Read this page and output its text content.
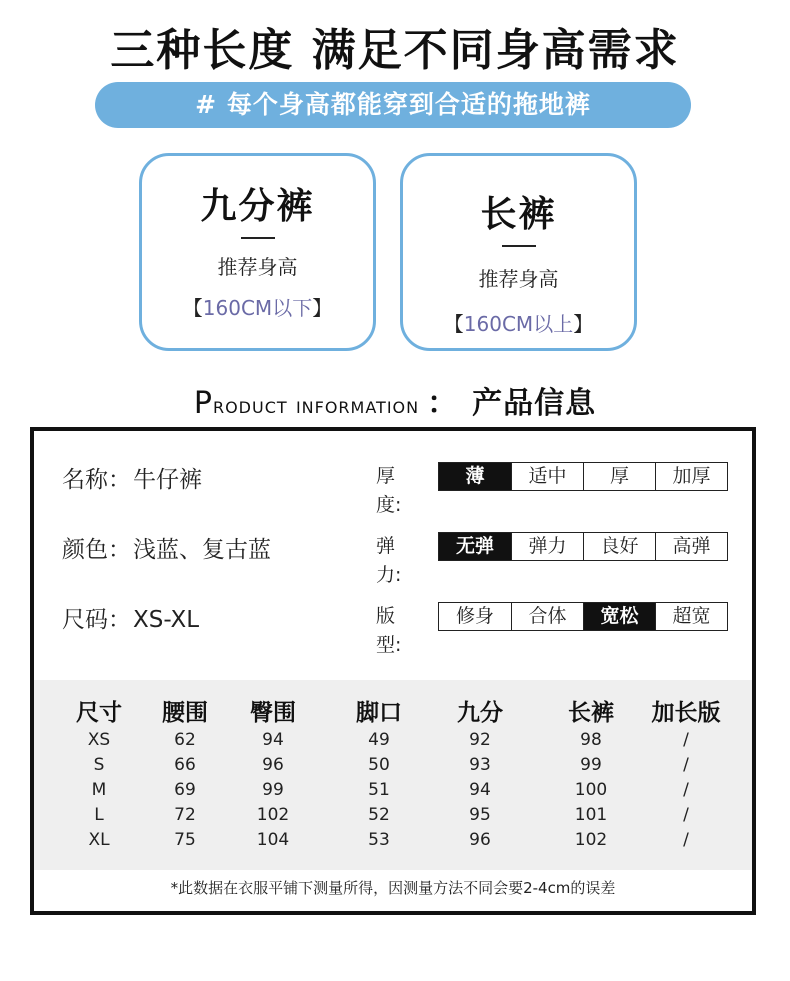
三种长度 满足不同身高需求
# 每个身高都能穿到合适的拖地裤
九分裤
推荐身高
【160CM以下】
长裤
推荐身高
【160CM以上】
Product information ： 产品信息
名称：牛仔裤
颜色：浅蓝、复古蓝
尺码：XS-XL
厚度:
薄	适中	厚	加厚
弹力:
无弹	弹力	良好	高弹
版型:
修身	合体	宽松	超宽
尺寸	腰围	臀围	脚口	九分	长裤	加长版
XS	62	94	49	92	98	/
S	66	96	50	93	99	/
M	69	99	51	94	100	/
L	72	102	52	95	101	/
XL	75	104	53	96	102	/
*此数据在衣服平铺下测量所得，因测量方法不同会要2-4cm的误差
